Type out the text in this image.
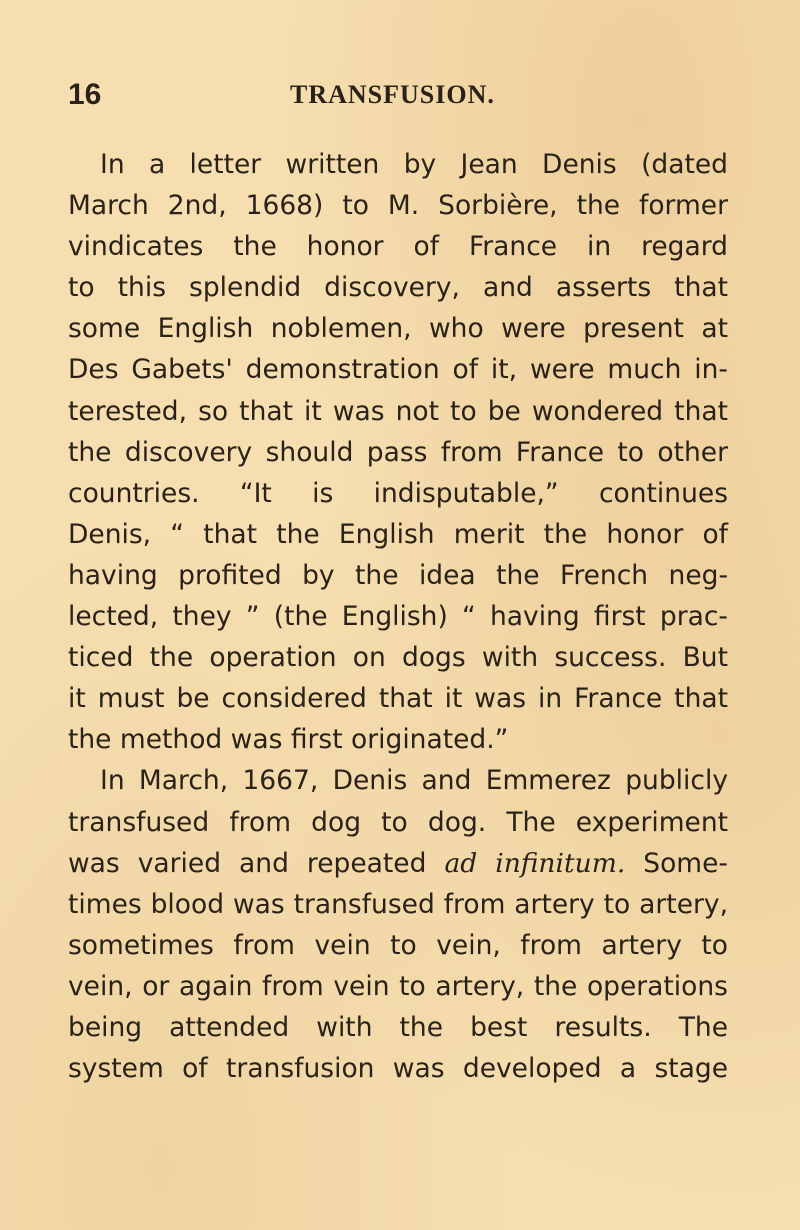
16	TRANSFUSION.
In a letter written by Jean Denis (dated
March 2nd, 1668) to M. Sorbière, the former
vindicates the honor of France in regard
to this splendid discovery, and asserts that
some English noblemen, who were present at
Des Gabets' demonstration of it, were much in-
terested, so that it was not to be wondered that
the discovery should pass from France to other
countries. “It is indisputable,” continues
Denis, “ that the English merit the honor of
having profited by the idea the French neg-
lected, they ” (the English) “ having first prac-
ticed the operation on dogs with success. But
it must be considered that it was in France that
the method was first originated.”
In March, 1667, Denis and Emmerez publicly
transfused from dog to dog. The experiment
was varied and repeated ad infinitum. Some-
times blood was transfused from artery to artery,
sometimes from vein to vein, from artery to
vein, or again from vein to artery, the operations
being attended with the best results. The
system of transfusion was developed a stage
